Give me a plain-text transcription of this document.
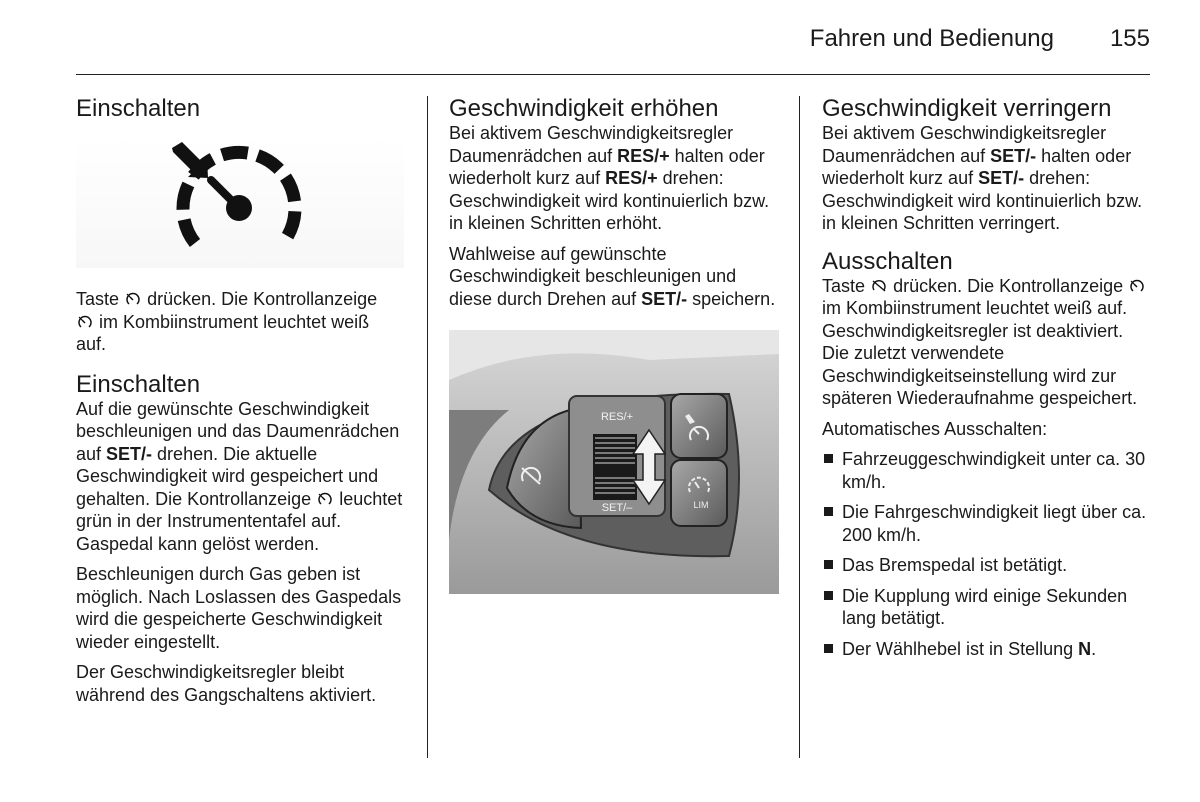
Fahren und Bedienung 155
Einschalten

Taste drücken. Die Kontrollanzeige
im Kombiinstrument leuchtet weiß
auf.

Einschalten

Auf die gewünschte Geschwindigkeit beschleunigen und das Daumenrädchen auf SET/- drehen. Die aktuelle Geschwindigkeit wird gespeichert und gehalten. Die Kontrollanzeige leuchtet grün in der Instrumententafel auf. Gaspedal kann gelöst werden.

Beschleunigen durch Gas geben ist möglich. Nach Loslassen des Gaspedals wird die gespeicherte Geschwindigkeit wieder eingestellt.

Der Geschwindigkeitsregler bleibt während des Gangschaltens aktiviert.

Geschwindigkeit erhöhen

Bei aktivem Geschwindigkeitsregler Daumenrädchen auf RES/+ halten oder wiederholt kurz auf RES/+ drehen: Geschwindigkeit wird kontinuierlich bzw. in kleinen Schritten erhöht.

Wahlweise auf gewünschte Geschwindigkeit beschleunigen und diese durch Drehen auf SET/- speichern.

RES/+
SET/–	LIM
Geschwindigkeit verringern

Bei aktivem Geschwindigkeitsregler Daumenrädchen auf SET/- halten oder wiederholt kurz auf SET/- drehen: Geschwindigkeit wird kontinuierlich bzw. in kleinen Schritten verringert.

Ausschalten

Taste drücken. Die Kontrollanzeige  im Kombiinstrument leuchtet weiß auf. Geschwindigkeitsregler ist deaktiviert. Die zuletzt verwendete Geschwindigkeitseinstellung wird zur späteren Wiederaufnahme gespeichert.

Automatisches Ausschalten:

Fahrzeuggeschwindigkeit unter ca. 30 km/h.
Die Fahrgeschwindigkeit liegt über ca. 200 km/h.
Das Bremspedal ist betätigt.
Die Kupplung wird einige Sekunden lang betätigt.
Der Wählhebel ist in Stellung N.
